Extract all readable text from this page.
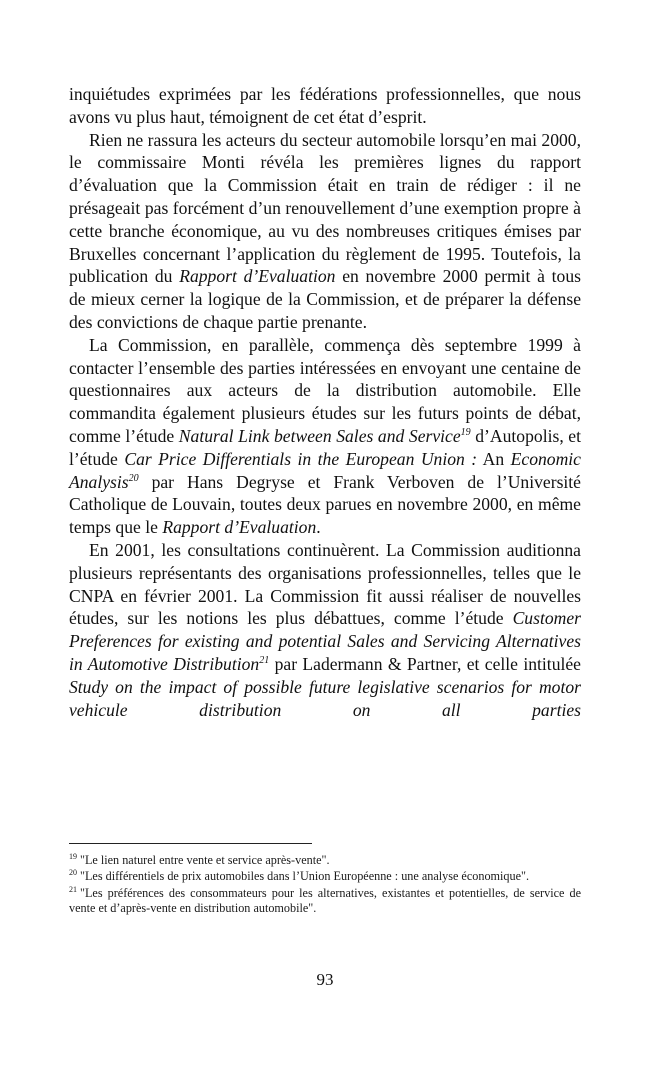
inquiétudes exprimées par les fédérations professionnelles, que nous avons vu plus haut, témoignent de cet état d’esprit.

Rien ne rassura les acteurs du secteur automobile lorsqu’en mai 2000, le commissaire Monti révéla les premières lignes du rapport d’évaluation que la Commission était en train de rédiger : il ne présageait pas forcément d’un renouvellement d’une exemption propre à cette branche économique, au vu des nombreuses critiques émises par Bruxelles concernant l’application du règlement de 1995. Toutefois, la publication du Rapport d’Evaluation en novembre 2000 permit à tous de mieux cerner la logique de la Commission, et de préparer la défense des convictions de chaque partie prenante.

La Commission, en parallèle, commença dès septembre 1999 à contacter l’ensemble des parties intéressées en envoyant une centaine de questionnaires aux acteurs de la distribution automobile. Elle commandita également plusieurs études sur les futurs points de débat, comme l’étude Natural Link between Sales and Service$^{19}$ d’Autopolis, et l’étude Car Price Differentials in the European Union : An Economic Analysis$^{20}$ par Hans Degryse et Frank Verboven de l’Université Catholique de Louvain, toutes deux parues en novembre 2000, en même temps que le Rapport d’Evaluation.

En 2001, les consultations continuèrent. La Commission auditionna plusieurs représentants des organisations professionnelles, telles que le CNPA en février 2001. La Commission fit aussi réaliser de nouvelles études, sur les notions les plus débattues, comme l’étude Customer Preferences for existing and potential Sales and Servicing Alternatives in Automotive Distribution$^{21}$ par Ladermann & Partner, et celle intitulée Study on the impact of possible future legislative scenarios for motor vehicule distribution on all parties

$^{19}$ "Le lien naturel entre vente et service après-vente".

$^{20}$ "Les différentiels de prix automobiles dans l’Union Européenne : une analyse économique".

$^{21}$ "Les préférences des consommateurs pour les alternatives, existantes et potentielles, de service de vente et d’après-vente en distribution automobile".

93
